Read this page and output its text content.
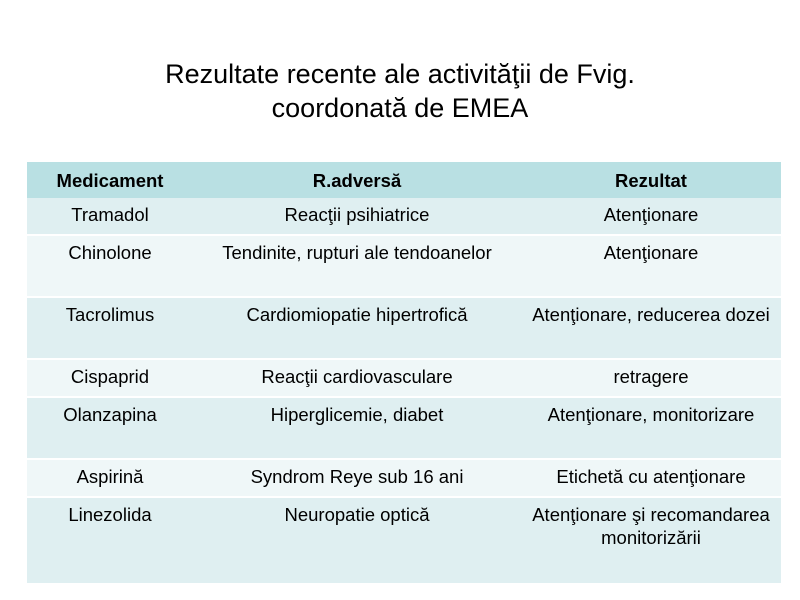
Rezultate recente ale activităţii de Fvig.
coordonată de EMEA
Medicament	R.adversă	Rezultat
Tramadol	Reacţii psihiatrice	Atenţionare
Chinolone	Tendinite, rupturi ale tendoanelor	Atenţionare
Tacrolimus	Cardiomiopatie hipertrofică	Atenţionare, reducerea dozei
Cispaprid	Reacţii cardiovasculare	retragere
Olanzapina	Hiperglicemie, diabet	Atenţionare, monitorizare
Aspirină	Syndrom Reye sub 16 ani	Etichetă cu atenţionare
Linezolida	Neuropatie optică	Atenţionare şi recomandarea monitorizării
